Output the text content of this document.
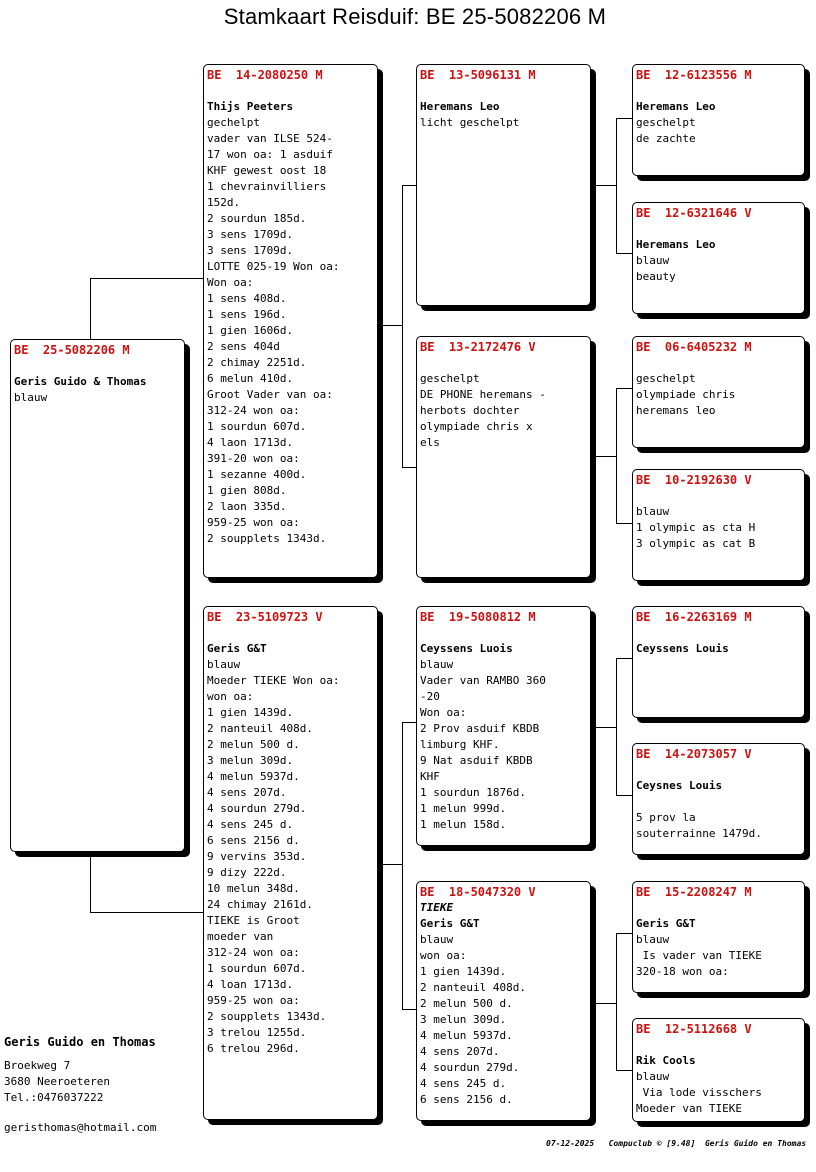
Stamkaart Reisduif: BE 25-5082206 M
BE  25-5082206 M
Geris Guido & Thomas
blauw
BE  14-2080250 M
Thijs Peeters
gechelpt
vader van ILSE 524-
17 won oa: 1 asduif
KHF gewest oost 18
1 chevrainvilliers
152d.
2 sourdun 185d.
3 sens 1709d.
3 sens 1709d.
LOTTE 025-19 Won oa:
Won oa:
1 sens 408d.
1 sens 196d.
1 gien 1606d.
2 sens 404d
2 chimay 2251d.
6 melun 410d.
Groot Vader van oa:
312-24 won oa:
1 sourdun 607d.
4 laon 1713d.
391-20 won oa:
1 sezanne 400d.
1 gien 808d.
2 laon 335d.
959-25 won oa:
2 soupplets 1343d.
BE  23-5109723 V
Geris G&T
blauw
Moeder TIEKE Won oa:
won oa:
1 gien 1439d.
2 nanteuil 408d.
2 melun 500 d.
3 melun 309d.
4 melun 5937d.
4 sens 207d.
4 sourdun 279d.
4 sens 245 d.
6 sens 2156 d.
9 vervins 353d.
9 dizy 222d.
10 melun 348d.
24 chimay 2161d.
TIEKE is Groot
moeder van
312-24 won oa:
1 sourdun 607d.
4 loan 1713d.
959-25 won oa:
2 soupplets 1343d.
3 trelou 1255d.
6 trelou 296d.
BE  13-5096131 M
Heremans Leo
licht geschelpt
BE  13-2172476 V
geschelpt
DE PHONE heremans -
herbots dochter
olympiade chris x
els
BE  19-5080812 M
Ceyssens Luois
blauw
Vader van RAMBO 360
-20
Won oa:
2 Prov asduif KBDB
limburg KHF.
9 Nat asduif KBDB
KHF
1 sourdun 1876d.
1 melun 999d.
1 melun 158d.
BE  18-5047320 V
TIEKE
Geris G&T
blauw
won oa:
1 gien 1439d.
2 nanteuil 408d.
2 melun 500 d.
3 melun 309d.
4 melun 5937d.
4 sens 207d.
4 sourdun 279d.
4 sens 245 d.
6 sens 2156 d.
BE  12-6123556 M
Heremans Leo
geschelpt
de zachte
BE  12-6321646 V
Heremans Leo
blauw
beauty
BE  06-6405232 M
geschelpt
olympiade chris
heremans leo
BE  10-2192630 V
blauw
1 olympic as cta H
3 olympic as cat B
BE  16-2263169 M
Ceyssens Louis
BE  14-2073057 V
Ceysnes Louis
5 prov la
souterrainne 1479d.
BE  15-2208247 M
Geris G&T
blauw
Is vader van TIEKE
320-18 won oa:
BE  12-5112668 V
Rik Cools
blauw
Via lode visschers
Moeder van TIEKE
Geris Guido en Thomas
Broekweg 7
3680 Neeroeteren
Tel.:0476037222
geristhomas@hotmail.com
07-12-2025   Compuclub © [9.48]  Geris Guido en Thomas
